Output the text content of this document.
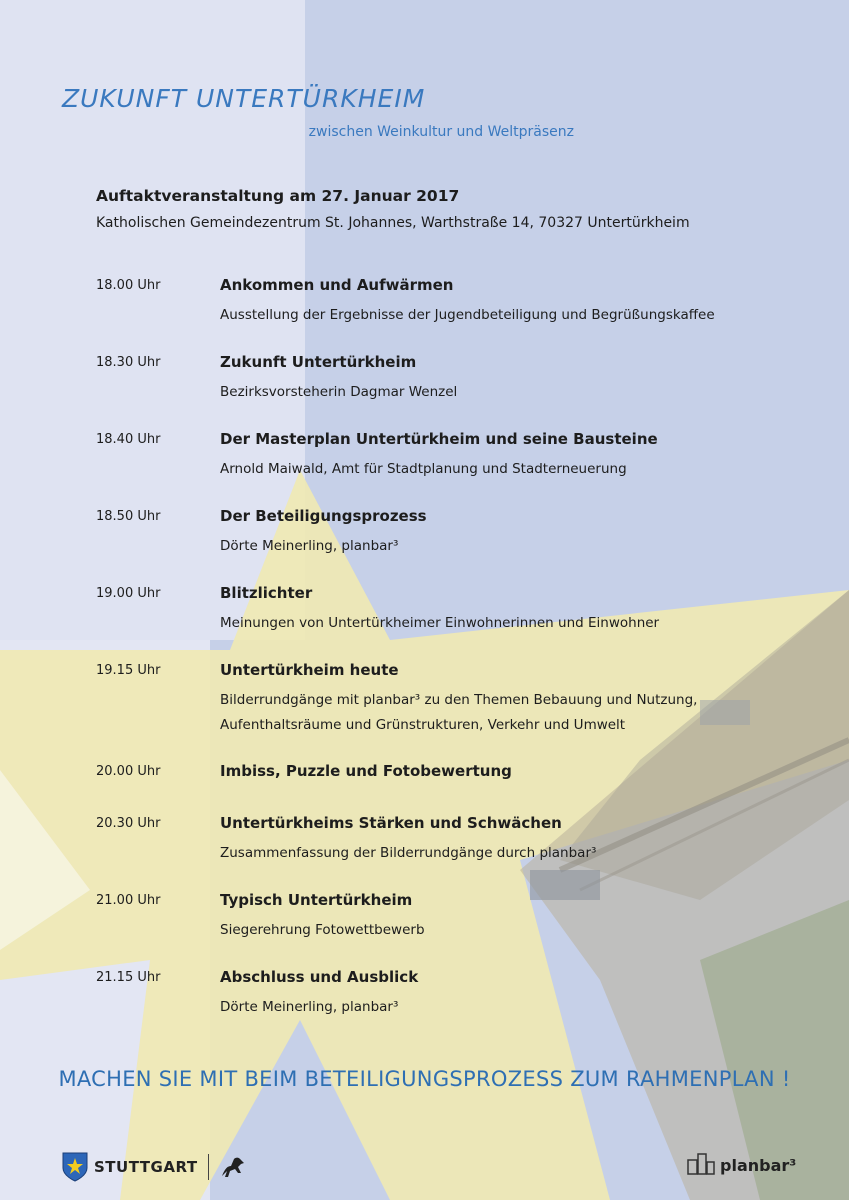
ZUKUNFT UNTERTÜRKHEIM
zwischen Weinkultur und Weltpräsenz
Auftaktveranstaltung am 27. Januar 2017
Katholischen Gemeindezentrum St. Johannes, Warthstraße 14, 70327 Untertürkheim
18.00 Uhr	Ankommen und Aufwärmen
Ausstellung der Ergebnisse der Jugendbeteiligung und Begrüßungskaffee
18.30 Uhr	Zukunft Untertürkheim
Bezirksvorsteherin Dagmar Wenzel
18.40 Uhr	Der Masterplan Untertürkheim und seine Bausteine
Arnold Maiwald, Amt für Stadtplanung und Stadterneuerung
18.50 Uhr	Der Beteiligungsprozess
Dörte Meinerling, planbar³
19.00 Uhr	Blitzlichter
Meinungen von Untertürkheimer Einwohnerinnen und Einwohner
19.15 Uhr	Untertürkheim heute
Bilderrundgänge mit planbar³ zu den Themen Bebauung und Nutzung,
Aufenthaltsräume und Grünstrukturen, Verkehr und Umwelt
20.00 Uhr	Imbiss, Puzzle und Fotobewertung
20.30 Uhr	Untertürkheims Stärken und Schwächen
Zusammenfassung der Bilderrundgänge durch planbar³
21.00 Uhr	Typisch Untertürkheim
Siegerehrung Fotowettbewerb
21.15 Uhr	Abschluss und Ausblick
Dörte Meinerling, planbar³
MACHEN SIE MIT BEIM BETEILIGUNGSPROZESS ZUM RAHMENPLAN !
STUTTGART	planbar³
